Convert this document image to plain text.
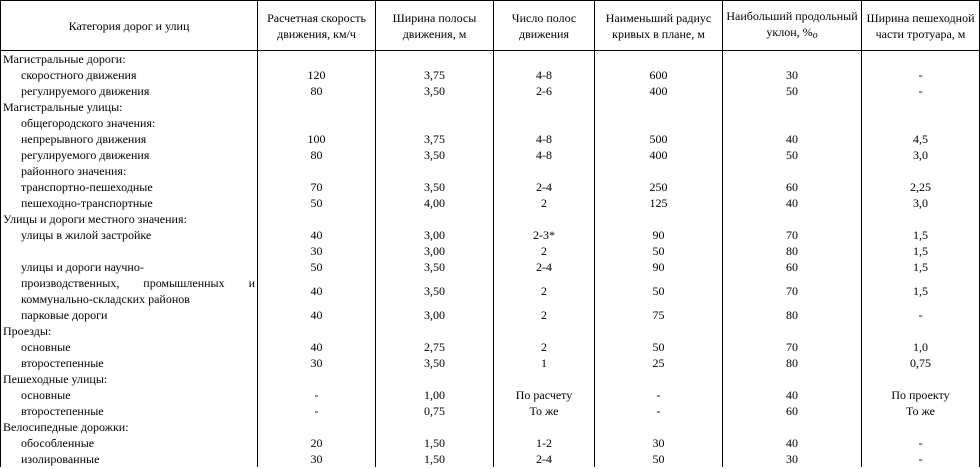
Категория дорог и улиц	Расчетная скорость движения, км/ч	Ширина полосы движения, м	Число полос движения	Наименьший радиус кривых в плане, м	Наибольший продольный уклон, $\%_o$	Ширина пешеходной части тротуара, м
Магистральные дороги:						
скоростного движения	120	3,75	4-8	600	30	-
регулируемого движения	80	3,50	2-6	400	50	-
Магистральные улицы:						
общегородского значения:						
непрерывного движения	100	3,75	4-8	500	40	4,5
регулируемого движения	80	3,50	4-8	400	50	3,0
районного значения:						
транспортно-пешеходные	70	3,50	2-4	250	60	2,25
пешеходно-транспортные	50	4,00	2	125	40	3,0
Улицы и дороги местного значения:						
улицы в жилой застройке	40	3,00	2-3*	90	70	1,5
	30	3,00	2	50	80	1,5
улицы и дороги научно-	50	3,50	2-4	90	60	1,5
производственных, промышленных и коммунально-складских районов	40	3,50	2	50	70	1,5
парковые дороги	40	3,00	2	75	80	-
Проезды:						
основные	40	2,75	2	50	70	1,0
второстепенные	30	3,50	1	25	80	0,75
Пешеходные улицы:						
основные	-	1,00	По расчету	-	40	По проекту
второстепенные	-	0,75	То же	-	60	То же
Велосипедные дорожки:						
обособленные	20	1,50	1-2	30	40	-
изолированные	30	1,50	2-4	50	30	-
